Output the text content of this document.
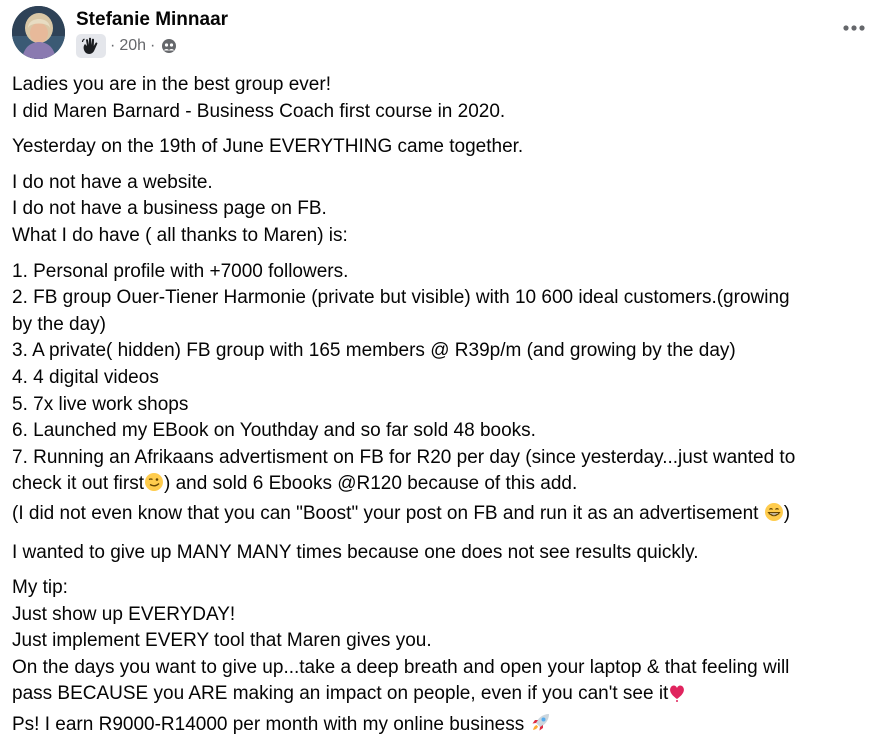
Stefanie Minnaar
· 20h ·
Ladies you are in the best group ever!
I did Maren Barnard - Business Coach first course in 2020.
Yesterday on the 19th of June EVERYTHING came together.
I do not have a website.
I do not have a business page on FB.
What I do have ( all thanks to Maren) is:
1. Personal profile with +7000 followers.
2. FB group Ouer-Tiener Harmonie (private but visible) with 10 600 ideal customers.(growing
by the day)
3. A private( hidden) FB group with 165 members @ R39p/m (and growing by the day)
4. 4 digital videos
5. 7x live work shops
6. Launched my EBook on Youthday and so far sold 48 books.
7. Running an Afrikaans advertisment on FB for R20 per day (since yesterday...just wanted to
check it out first ) and sold 6 Ebooks @R120 because of this add.
(I did not even know that you can "Boost" your post on FB and run it as an advertisement )
I wanted to give up MANY MANY times because one does not see results quickly.
My tip:
Just show up EVERYDAY!
Just implement EVERY tool that Maren gives you.
On the days you want to give up...take a deep breath and open your laptop & that feeling will
pass BECAUSE you ARE making an impact on people, even if you can't see it
Ps! I earn R9000-R14000 per month with my online business
